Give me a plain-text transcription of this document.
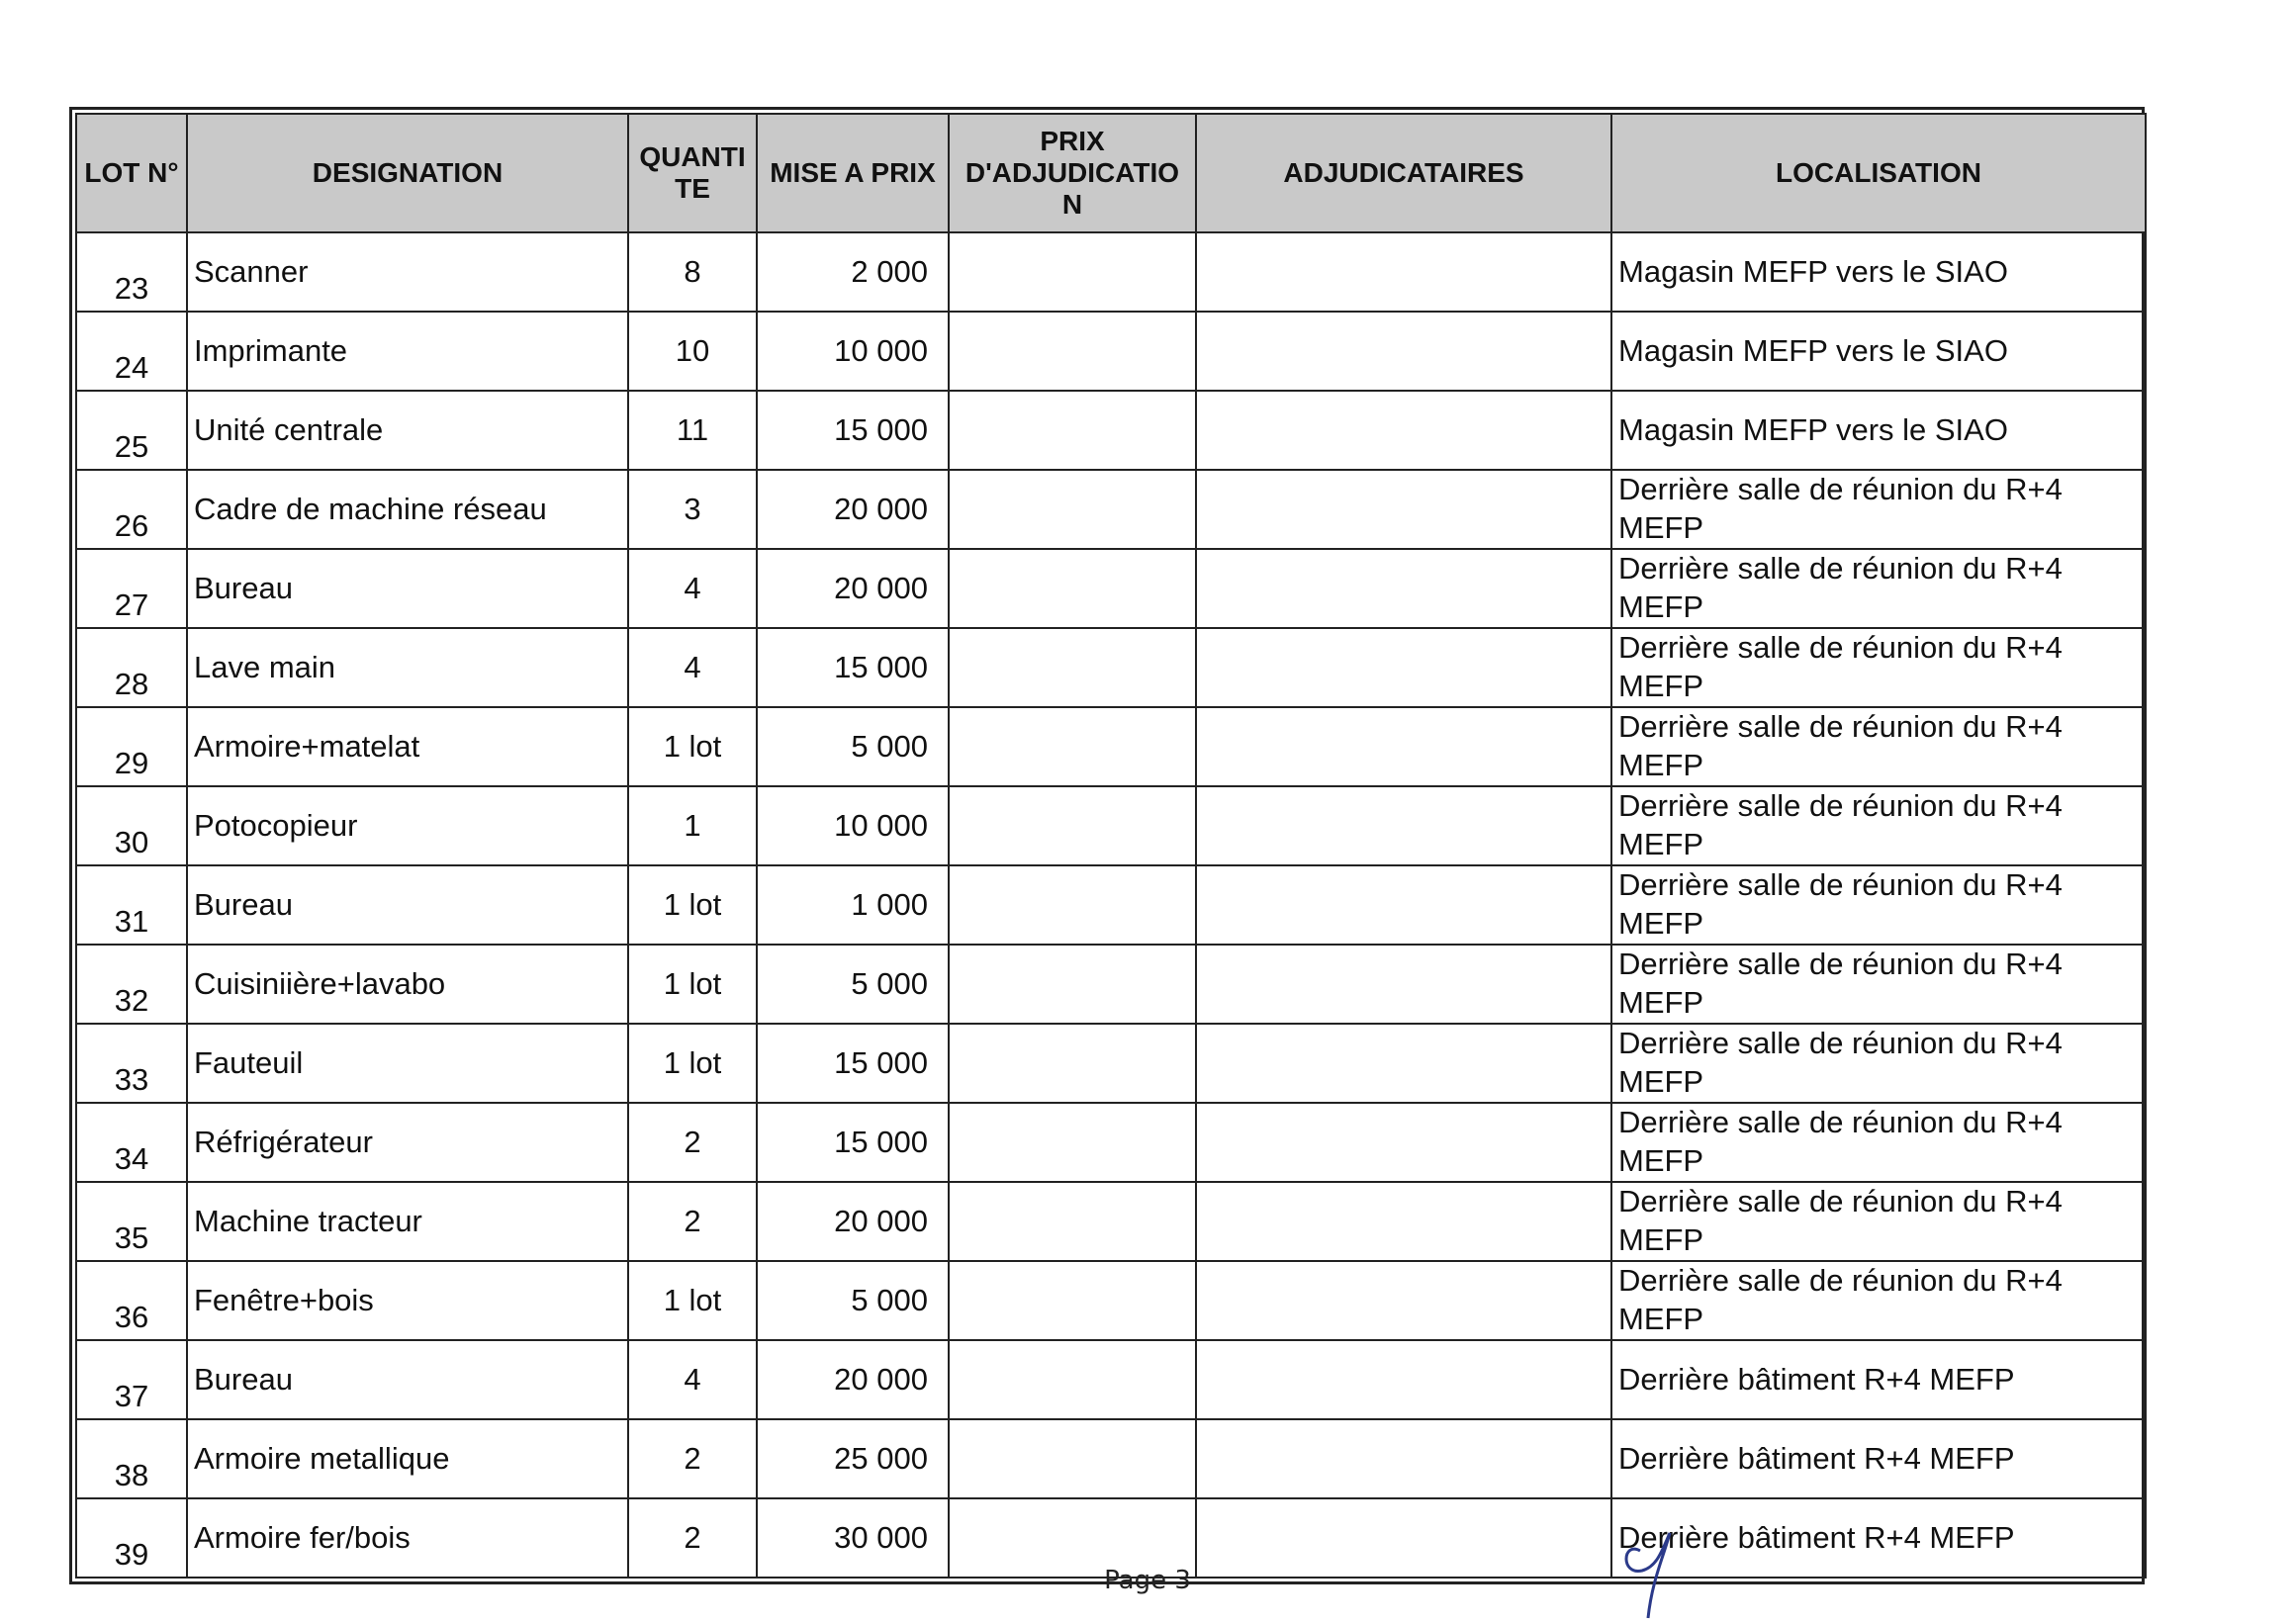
LOT N°	DESIGNATION	QUANTI TE	MISE A PRIX	PRIX D'ADJUDICATIO N	ADJUDICATAIRES	LOCALISATION
23	Scanner	8	2 000			Magasin MEFP vers le SIAO
24	Imprimante	10	10 000			Magasin MEFP vers le SIAO
25	Unité centrale	11	15 000			Magasin MEFP vers le SIAO
26	Cadre de machine réseau	3	20 000			Derrière salle de réunion du R+4 MEFP
27	Bureau	4	20 000			Derrière salle de réunion du R+4 MEFP
28	Lave main	4	15 000			Derrière salle de réunion du R+4 MEFP
29	Armoire+matelat	1 lot	5 000			Derrière salle de réunion du R+4 MEFP
30	Potocopieur	1	10 000			Derrière salle de réunion du R+4 MEFP
31	Bureau	1 lot	1 000			Derrière salle de réunion du R+4 MEFP
32	Cuisiniière+lavabo	1 lot	5 000			Derrière salle de réunion du R+4 MEFP
33	Fauteuil	1 lot	15 000			Derrière salle de réunion du R+4 MEFP
34	Réfrigérateur	2	15 000			Derrière salle de réunion du R+4 MEFP
35	Machine tracteur	2	20 000			Derrière salle de réunion du R+4 MEFP
36	Fenêtre+bois	1 lot	5 000			Derrière salle de réunion du R+4 MEFP
37	Bureau	4	20 000			Derrière bâtiment R+4 MEFP
38	Armoire metallique	2	25 000			Derrière bâtiment R+4 MEFP
39	Armoire fer/bois	2	30 000			Derrière bâtiment R+4 MEFP
Page 3
